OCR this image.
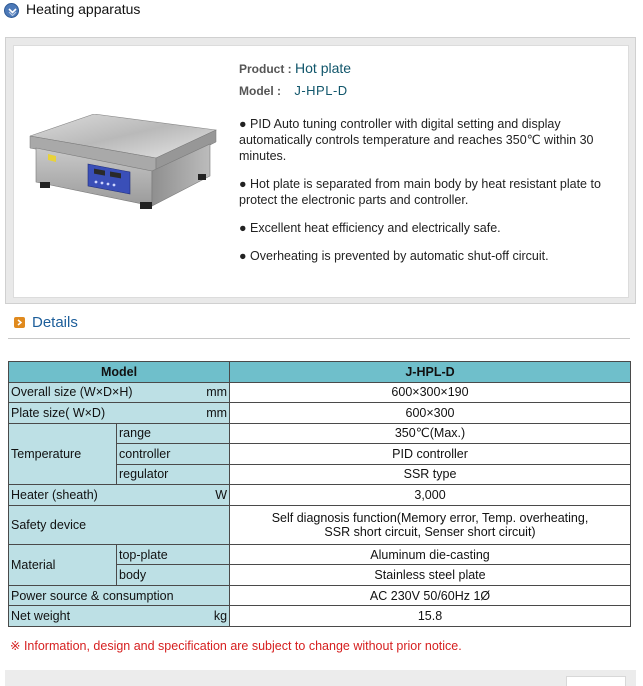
Heating apparatus
Product : Hot plate
Model : J-HPL-D

● PID Auto tuning controller with digital setting and display automatically controls temperature and reaches 350℃ within 30 minutes.

● Hot plate is separated from main body by heat resistant plate to protect the electronic parts and controller.

● Excellent heat efficiency and electrically safe.

● Overheating is prevented by automatic shut-off circuit.

Details
Model		J-HPL-D
Overall size (W×D×H) mm		600×300×190
Plate size( W×D) mm		600×300
Temperature	range	350℃(Max.)
	controller	PID controller
	regulator	SSR type
Heater (sheath) W		3,000
Safety device		Self diagnosis function(Memory error, Temp. overheating,
SSR short circuit, Senser short circuit)

Material	top-plate	Aluminum die-casting
	body	Stainless steel plate
Power source & consumption		AC 230V 50/60Hz 1Ø
Net weight kg		15.8
※ Information, design and specification are subject to change without prior notice.
